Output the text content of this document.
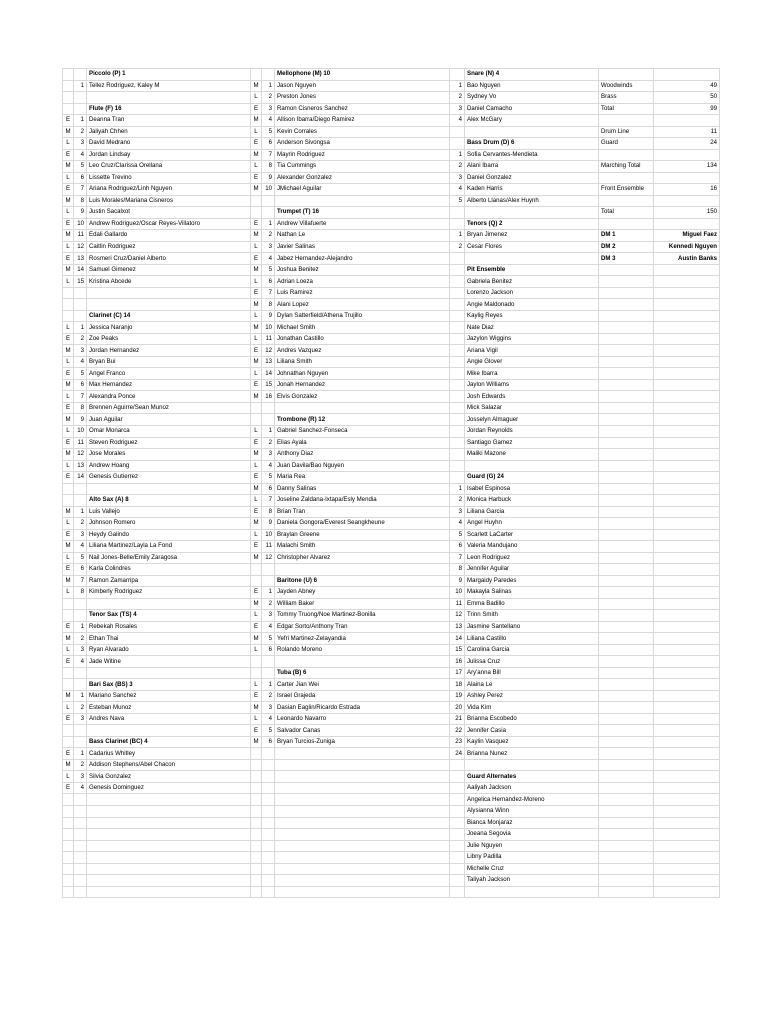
		Piccolo (P) 1			Mellophone (M) 10		Snare (N) 4		
	1	Tellez Rodriguez, Kaley M	M	1	Jason Nguyen	1	Bao Nguyen	Woodwinds	49
			L	2	Preston Jones	2	Sydney Vo	Brass	50
		Flute (F) 16	E	3	Ramon Cisneros Sanchez	3	Daniel Camacho	Total	99
E	1	Deanna Tran	M	4	Allison Ibarra/Diego Ramirez	4	Alex McGary		
M	2	Jaliyah Chhen	L	5	Kevin Corrales			Drum Line	11
L	3	David Medrano	E	6	Anderson Sivongsa		Bass Drum (D) 6	Guard	24
E	4	Jordan Lindsay	M	7	Mayrin Rodriguez	1	Sofia Cervantes-Mendieta		
M	5	Leo Cruz/Clarissa Orellana	L	8	Tia Cummings	2	Alani Ibarra	Marching Total	134
L	6	Lissette Trevino	E	9	Alexander Gonzalez	3	Daniel Gonzalez		
E	7	Ariana Rodriguez/Linh Nguyen	M	10	JMichael Aguilar	4	Kaden Harris	Front Ensemble	16
M	8	Luis Morales/Mariana Cisneros				5	Alberto Llanas/Alex Huynh		
L	9	Justin Sacalxot			Trumpet (T) 16			Total	150
E	10	Andrew Rodriguez/Oscar Reyes-Villatoro	E	1	Andrew Villafuerte		Tenors (Q) 2		
M	11	Edali Gallardo	M	2	Nathan Le	1	Bryan Jimenez	DM 1	Miguel Faez
L	12	Caitlin Rodriguez	L	3	Javier Salinas	2	Cesar Flores	DM 2	Kennedi Nguyen
E	13	Rosmeri Cruz/Daniel Alberto	E	4	Jabez Hernandez-Alejandro			DM 3	Austin Banks
M	14	Samuel Gimenez	M	5	Joshua Benitez		Pit Ensemble		
L	15	Kristina Abcede	L	6	Adrian Loeza		Gabriela Benitez		
			E	7	Luis Ramirez		Lorenzo Jackson		
			M	8	Alani Lopez		Angie Maldonado		
		Clarinet (C) 14	L	9	Dylan Satterfield/Athena Trujillo		Kaylig Reyes		
L	1	Jessica Naranjo	M	10	Michael Smith		Nate Diaz		
E	2	Zoe Peaks	L	11	Jonathan Castillo		Jazylon Wiggins		
M	3	Jordan Hernandez	E	12	Andres Vazquez		Ariana Vigil		
L	4	Bryan Bui	M	13	Liliana Smith		Angie Glover		
E	5	Angel Franco	L	14	Johnathan Nguyen		Mike Ibarra		
M	6	Max Hernandez	E	15	Jonah Hernandez		Jaylon Williams		
L	7	Alexandra Ponce	M	16	Elvis Gonzalez		Josh Edwards		
E	8	Brennen Aguirre/Sean Munoz					Mick Salazar		
M	9	Juan Aguilar			Trombone (R) 12		Josselyn Almaguer		
L	10	Omar Monarca	L	1	Gabriel Sanchez-Fonseca		Jordan Reynolds		
E	11	Steven Rodriguez	E	2	Elias Ayala		Santiago Gamez		
M	12	Jose Morales	M	3	Anthony Diaz		Maliki Mazone		
L	13	Andrew Hoang	L	4	Juan Davila/Bao Nguyen				
E	14	Genesis Gutierrez	E	5	Maria Rea		Guard (G) 24		
			M	6	Danny Salinas	1	Isabel Espinosa		
		Alto Sax (A) 8	L	7	Joseline Zaldana-Ixtapa/Esly Mendia	2	Monica Harbuck		
M	1	Luis Vallejo	E	8	Brian Tran	3	Liliana Garcia		
L	2	Johnson Romero	M	9	Daniela Gongora/Everest Seangkheune	4	Angel Huyhn		
E	3	Heydy Galindo	L	10	Braylan Greene	5	Scarlett LaCarter		
M	4	Liliana Martinez/Layla La Fond	E	11	Malachi Smith	6	Valeria Mandujano		
L	5	Nail Jones-Belle/Emily Zaragosa	M	12	Christopher Alvarez	7	Leon Rodriguez		
E	6	Karla Colindres				8	Jennifer Aguilar		
M	7	Ramon Zamarripa			Baritone (U) 6	9	Margaidy Paredes		
L	8	Kimberly Rodriguez	E	1	Jayden Abney	10	Makayla Salinas		
			M	2	William Baker	11	Emma Badillo		
		Tenor Sax (TS) 4	L	3	Tommy Truong/Noe Martinez-Bonilla	12	Trinn Smith		
E	1	Rebekah Rosales	E	4	Edgar Sorto/Anthony Tran	13	Jasmine Santellano		
M	2	Ethan Thai	M	5	Yefri Martinez-Zelayandia	14	Liliana Castillo		
L	3	Ryan Alvarado	L	6	Rolando Moreno	15	Carolina Garcia		
E	4	Jade Witine				16	Julissa Cruz		
					Tuba (B) 6	17	Ary'anna Bill		
		Bari Sax (BS) 3	L	1	Carter Jian Wei	18	Alaina Le		
M	1	Mariano Sanchez	E	2	Israel Grajeda	19	Ashley Perez		
L	2	Esteban Munoz	M	3	Dasian Eaglin/Ricardo Estrada	20	Vida Kim		
E	3	Andres Nava	L	4	Leonardo Navarro	21	Brianna Escobedo		
			E	5	Salvador Canas	22	Jennifer Casia		
		Bass Clarinet (BC) 4	M	6	Bryan Turcios-Zuniga	23	Kaylin Vasquez		
E	1	Cadarius Whitley				24	Brianna Nunez		
M	2	Addison Stephens/Abel Chacon							
L	3	Silvia Gonzalez					Guard Alternates		
E	4	Genesis Dominguez					Aaliyah Jackson		
							Angelica Hernandez-Moreno		
							Alysianna Winn		
							Bianca Monjaraz		
							Joeana Segovia		
							Julie Nguyen		
							Libny Padilla		
							Michelle Cruz		
							Taliyah Jackson		
